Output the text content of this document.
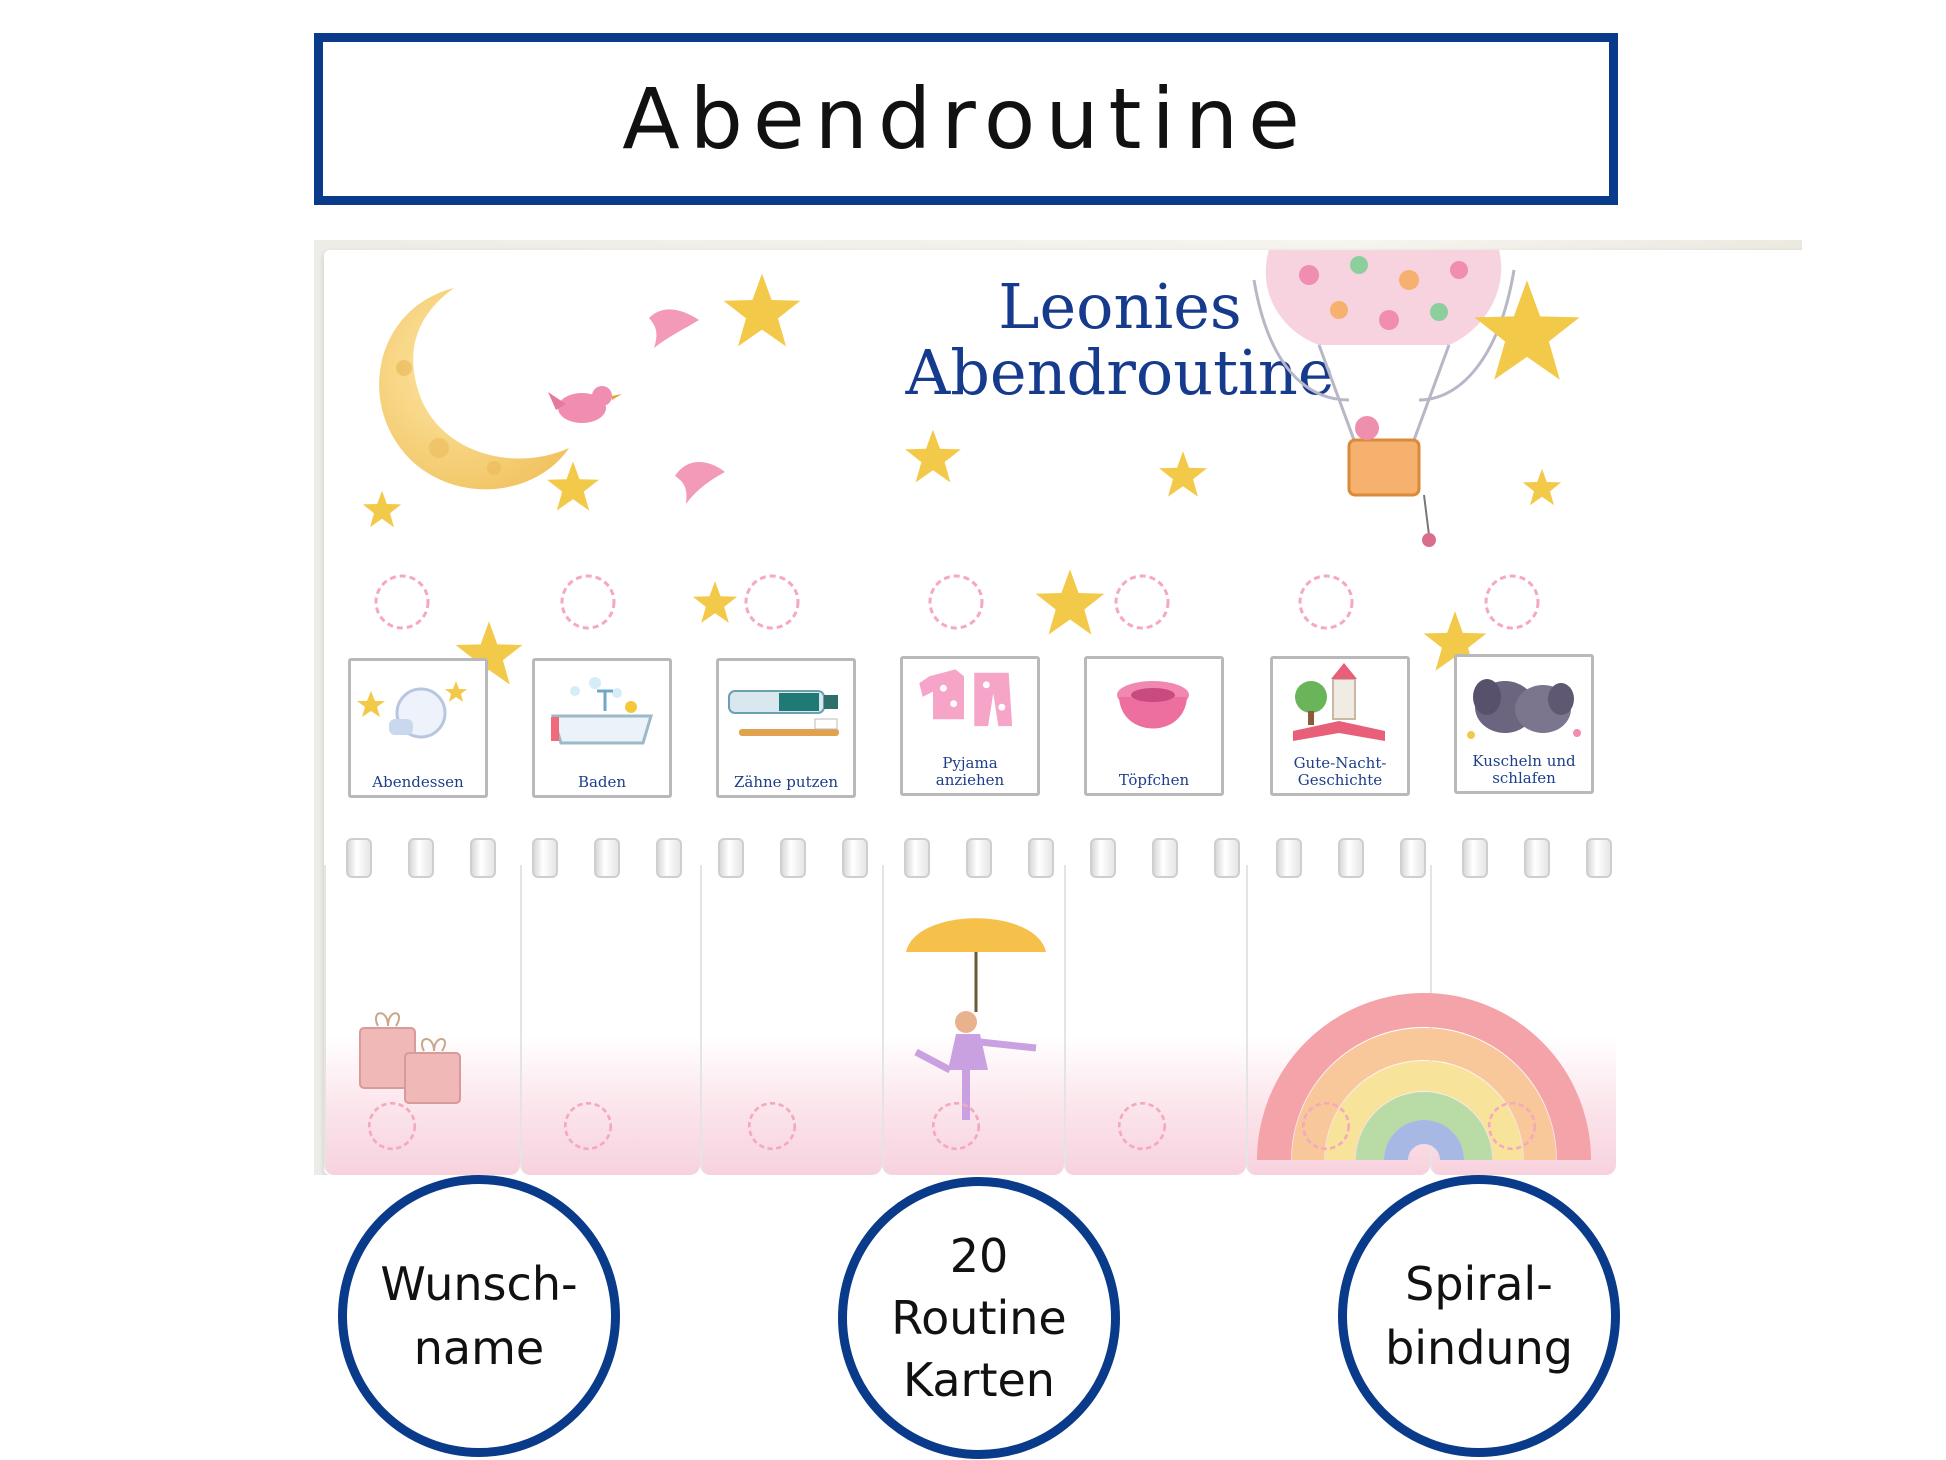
Abendroutine
Leonies
Abendroutine
Abendessen	Baden	Zähne putzen
Pyjama
anziehen	Töpfchen
Gute-Nacht-
Geschichte
Kuscheln und
schlafen
Wunsch-
name
20
Routine
Karten
Spiral-
bindung
